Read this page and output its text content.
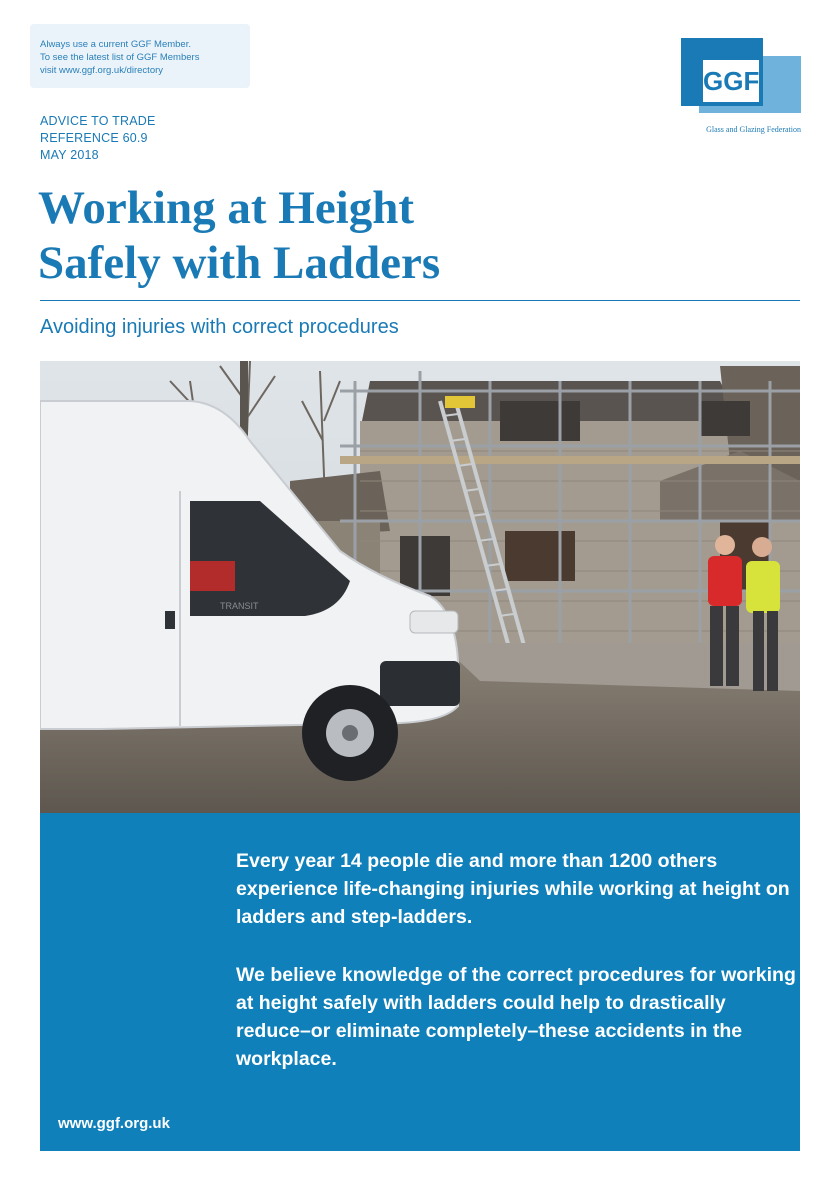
Always use a current GGF Member.
To see the latest list of GGF Members
visit www.ggf.org.uk/directory
ADVICE TO TRADE
REFERENCE 60.9
MAY 2018
GGF
Glass and Glazing Federation
Working at Height
Safely with Ladders
Avoiding injuries with correct procedures
TRANSIT
Every year 14 people die and more than 1200 others experience life-changing injuries while working at height on ladders and step-ladders.
We believe knowledge of the correct procedures for working at height safely with ladders could help to drastically reduce–or eliminate completely–these accidents in the workplace.
www.ggf.org.uk
